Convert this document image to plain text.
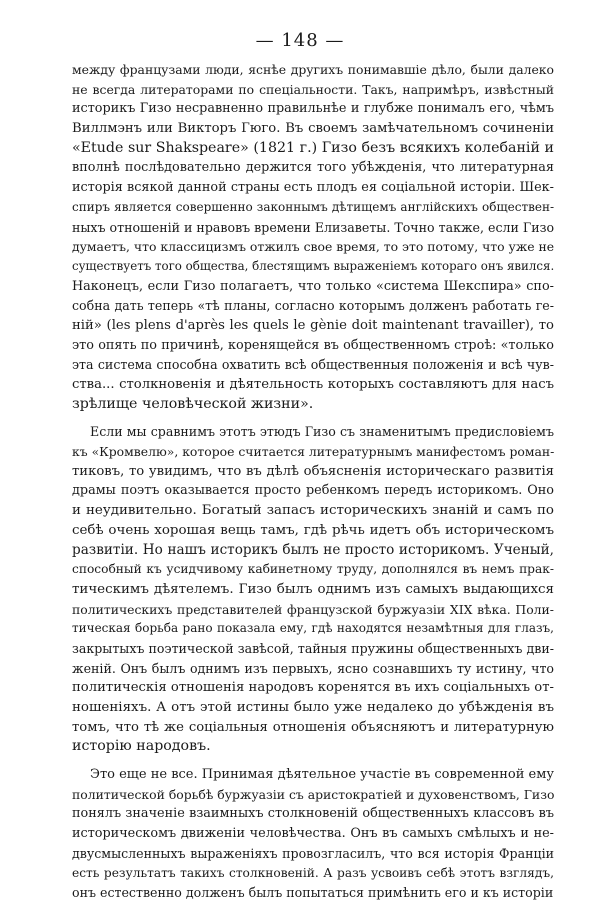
— 148 —
между французами люди, яснѣе другихъ понимавшіе дѣло, были далеко
не всегда литераторами по спеціальности. Такъ, напримѣръ, извѣстный
историкъ Гизо несравненно правильнѣе и глубже понималъ его, чѣмъ
Виллмэнъ или Викторъ Гюго. Въ своемъ замѣчательномъ сочиненіи
«Etude sur Shakspeare» (1821 г.) Гизо безъ всякихъ колебаній и
вполнѣ послѣдовательно держится того убѣжденія, что литературная
исторія всякой данной страны есть плодъ ея соціальной исторіи. Шек-
спиръ является совершенно законнымъ дѣтищемъ англійскихъ обществен-
ныхъ отношеній и нравовъ времени Елизаветы. Точно также, если Гизо
думаетъ, что классицизмъ отжилъ свое время, то это потому, что уже не
существуетъ того общества, блестящимъ выраженіемъ котораго онъ явился.
Наконецъ, если Гизо полагаетъ, что только «система Шекспира» спо-
собна дать теперь «тѣ планы, согласно которымъ долженъ работать ге-
ній» (les plens d'après les quels le gènie doit maintenant travailler), то
это опять по причинѣ, коренящейся въ общественномъ строѣ: «только
эта система способна охватить всѣ общественныя положенія и всѣ чув-
ства... столкновенія и дѣятельность которыхъ составляютъ для насъ
зрѣлище человѣческой жизни».
Если мы сравнимъ этотъ этюдъ Гизо съ знаменитымъ предисловіемъ
къ «Кромвелю», которое считается литературнымъ манифестомъ роман-
тиковъ, то увидимъ, что въ дѣлѣ объясненія историческаго развитія
драмы поэтъ оказывается просто ребенкомъ передъ историкомъ. Оно
и неудивительно. Богатый запасъ историческихъ знаній и самъ по
себѣ очень хорошая вещь тамъ, гдѣ рѣчь идетъ объ историческомъ
развитіи. Но нашъ историкъ былъ не просто историкомъ. Ученый,
способный къ усидчивому кабинетному труду, дополнялся въ немъ прак-
тическимъ дѣятелемъ. Гизо былъ однимъ изъ самыхъ выдающихся
политическихъ представителей французской буржуазіи XIX вѣка. Поли-
тическая борьба рано показала ему, гдѣ находятся незамѣтныя для глазъ,
закрытыхъ поэтической завѣсой, тайныя пружины общественныхъ дви-
женій. Онъ былъ однимъ изъ первыхъ, ясно сознавшихъ ту истину, что
политическія отношенія народовъ коренятся въ ихъ соціальныхъ от-
ношеніяхъ. А отъ этой истины было уже недалеко до убѣжденія въ
томъ, что тѣ же соціальныя отношенія объясняютъ и литературную
исторію народовъ.
Это еще не все. Принимая дѣятельное участіе въ современной ему
политической борьбѣ буржуазіи съ аристократіей и духовенствомъ, Гизо
понялъ значеніе взаимныхъ столкновеній общественныхъ классовъ въ
историческомъ движеніи человѣчества. Онъ въ самыхъ смѣлыхъ и не-
двусмысленныхъ выраженіяхъ провозгласилъ, что вся исторія Франціи
есть результатъ такихъ столкновеній. А разъ усвоивъ себѣ этотъ взглядъ,
онъ естественно долженъ былъ попытаться примѣнить его и къ исторіи
